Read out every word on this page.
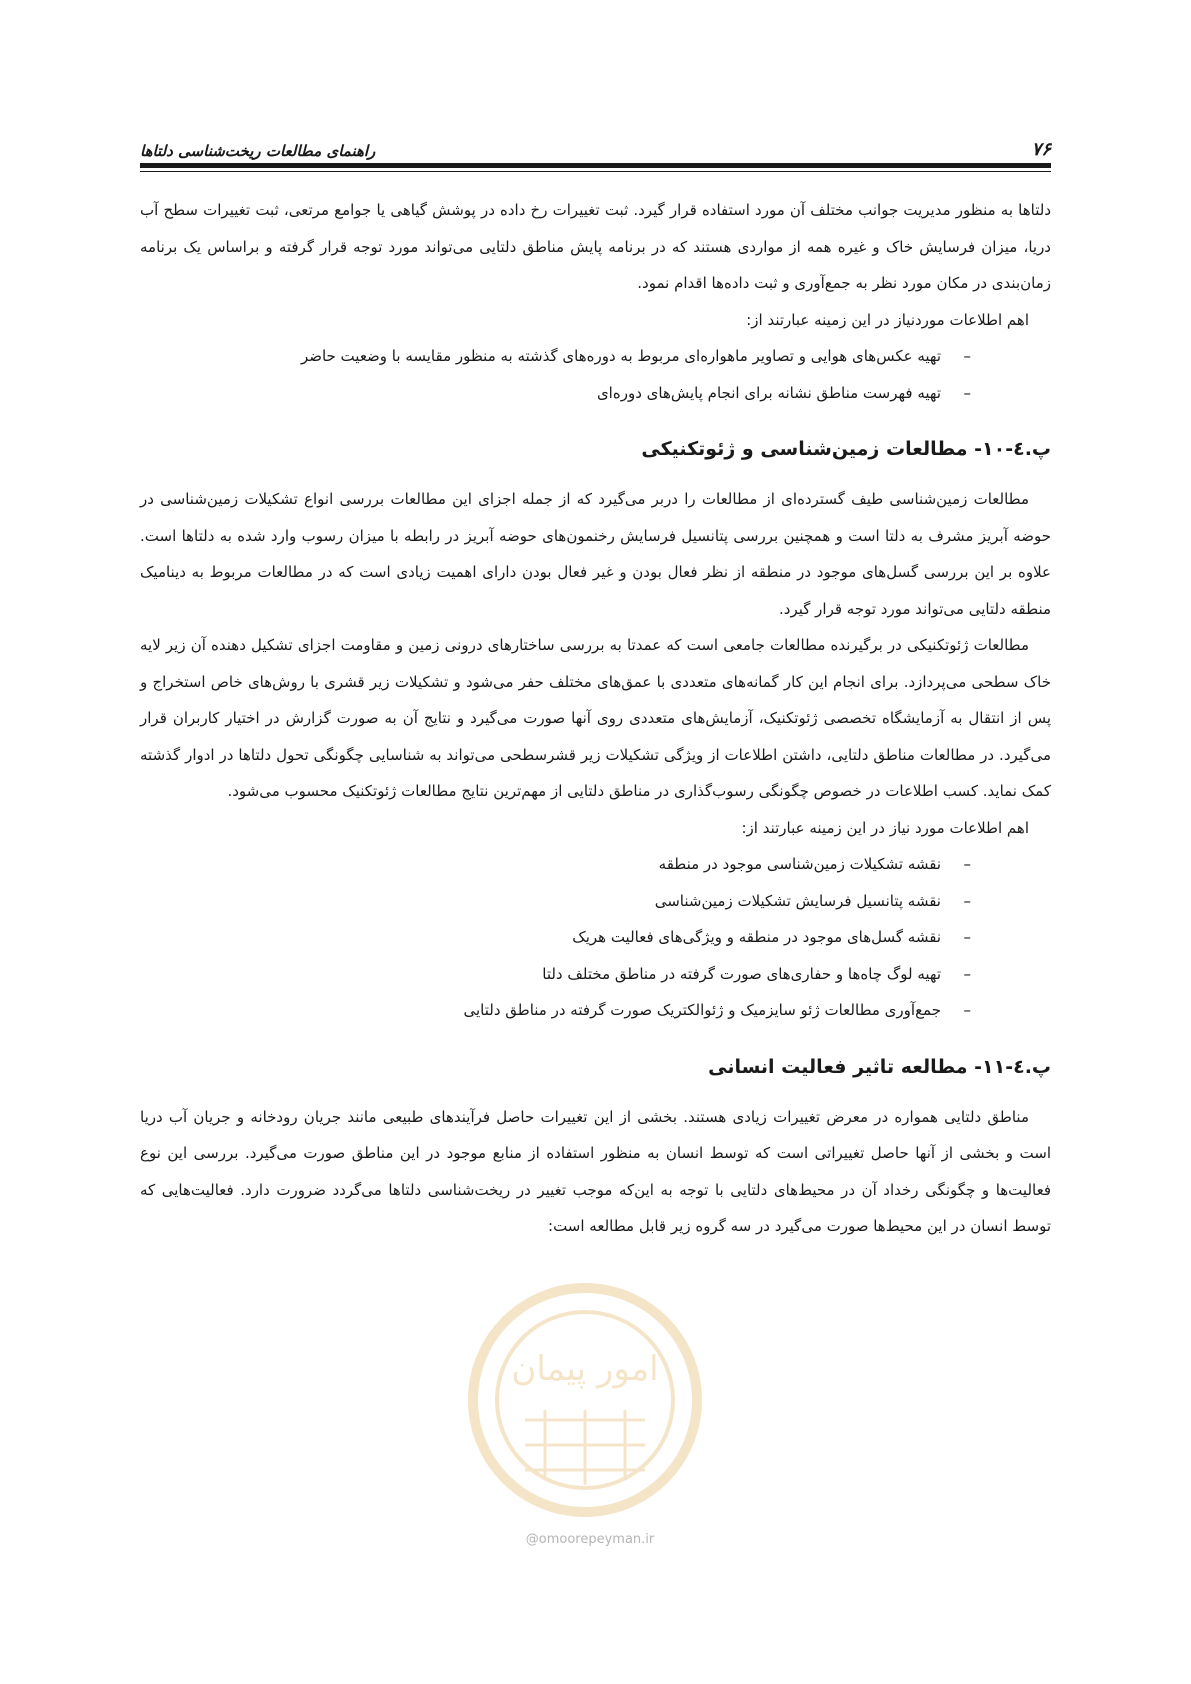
۷۶
راهنمای مطالعات ریخت‌شناسی دلتاها

دلتاها به منظور مدیریت جوانب مختلف آن مورد استفاده قرار گیرد. ثبت تغییرات رخ داده در پوشش گیاهی یا جوامع مرتعی، ثبت تغییرات سطح آب دریا، میزان فرسایش خاک و غیره همه از مواردی هستند که در برنامه پایش مناطق دلتایی می‌تواند مورد توجه قرار گرفته و براساس یک برنامه زمان‌بندی در مکان مورد نظر به جمع‌آوری و ثبت داده‌ها اقدام نمود.

اهم اطلاعات موردنیاز در این زمینه عبارتند از:

–
تهیه عکس‌های هوایی و تصاویر ماهواره‌ای مربوط به دوره‌های گذشته به منظور مقایسه با وضعیت حاضر
–
تهیه فهرست مناطق نشانه برای انجام پایش‌های دوره‌ای
پ.٤-١٠- مطالعات زمین‌شناسی و ژئوتکنیکی

مطالعات زمین‌شناسی طیف گسترده‌ای از مطالعات را دربر می‌گیرد که از جمله اجزای این مطالعات بررسی انواع تشکیلات زمین‌شناسی در حوضه آبریز مشرف به دلتا است و همچنین بررسی پتانسیل فرسایش رخنمون‌های حوضه آبریز در رابطه با میزان رسوب وارد شده به دلتاها است. علاوه بر این بررسی گسل‌های موجود در منطقه از نظر فعال بودن و غیر فعال بودن دارای اهمیت زیادی است که در مطالعات مربوط به دینامیک منطقه دلتایی می‌تواند مورد توجه قرار گیرد.

مطالعات ژئوتکنیکی در برگیرنده مطالعات جامعی است که عمدتا به بررسی ساختارهای درونی زمین و مقاومت اجزای تشکیل دهنده آن زیر لایه خاک سطحی می‌پردازد. برای انجام این کار گمانه‌های متعددی با عمق‌های مختلف حفر می‌شود و تشکیلات زیر قشری با روش‌های خاص استخراج و پس از انتقال به آزمایشگاه تخصصی ژئوتکنیک، آزمایش‌های متعددی روی آنها صورت می‌گیرد و نتایج آن به صورت گزارش در اختیار کاربران قرار می‌گیرد. در مطالعات مناطق دلتایی، داشتن اطلاعات از ویژگی تشکیلات زیر قشرسطحی می‌تواند به شناسایی چگونگی تحول دلتاها در ادوار گذشته کمک نماید. کسب اطلاعات در خصوص چگونگی رسوب‌گذاری در مناطق دلتایی از مهم‌ترین نتایج مطالعات ژئوتکنیک محسوب می‌شود.

اهم اطلاعات مورد نیاز در این زمینه عبارتند از:

–
نقشه تشکیلات زمین‌شناسی موجود در منطقه
–
نقشه پتانسیل فرسایش تشکیلات زمین‌شناسی
–
نقشه گسل‌های موجود در منطقه و ویژگی‌های فعالیت هریک
–
تهیه لوگ چاه‌ها و حفاری‌های صورت گرفته در مناطق مختلف دلتا
–
جمع‌آوری مطالعات ژئو سایزمیک و ژئوالکتریک صورت گرفته در مناطق دلتایی
پ.٤-١١- مطالعه تاثیر فعالیت انسانی

مناطق دلتایی همواره در معرض تغییرات زیادی هستند. بخشی از این تغییرات حاصل فرآیندهای طبیعی مانند جریان رودخانه و جریان آب دریا است و بخشی از آنها حاصل تغییراتی است که توسط انسان به منظور استفاده از منابع موجود در این مناطق صورت می‌گیرد. بررسی این نوع فعالیت‌ها و چگونگی رخداد آن در محیط‌های دلتایی با توجه به این‌که موجب تغییر در ریخت‌شناسی دلتاها می‌گردد ضرورت دارد. فعالیت‌هایی که توسط انسان در این محیط‌ها صورت می‌گیرد در سه گروه زیر قابل مطالعه است:

امور پیمان
@omoorepeyman.ir
